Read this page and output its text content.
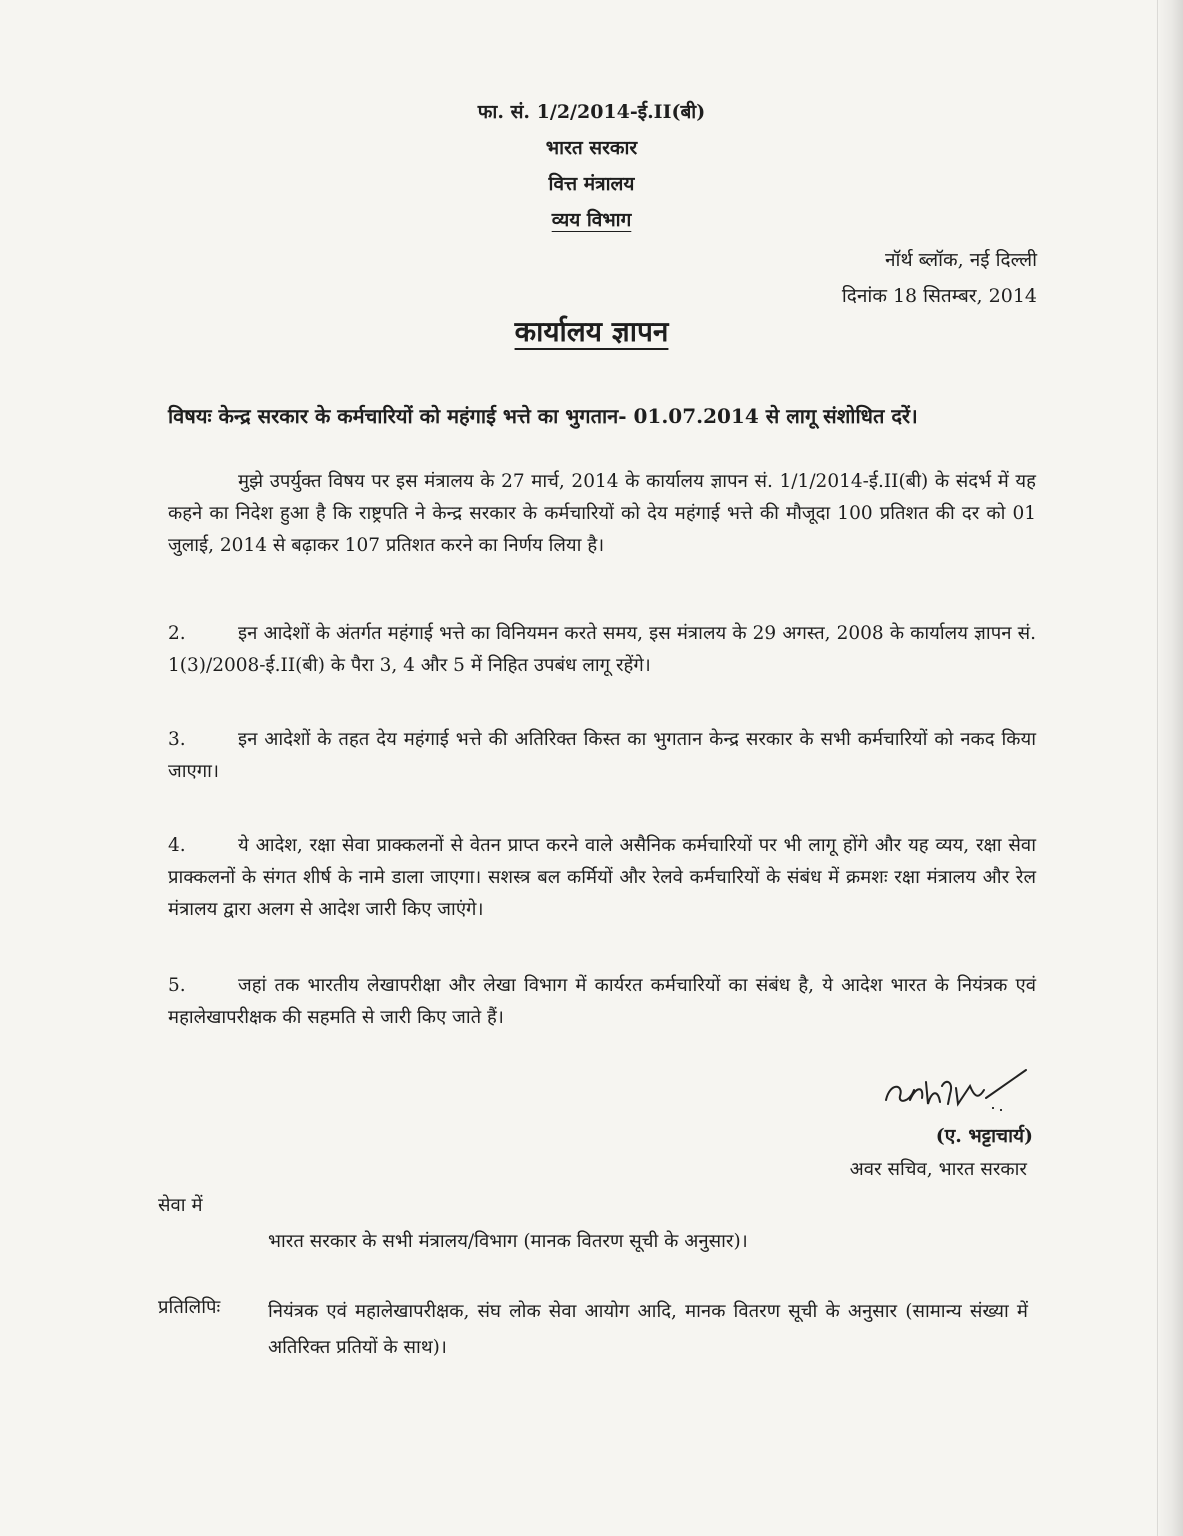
फा. सं. 1/2/2014-ई.II(बी)
भारत सरकार
वित्त मंत्रालय
व्यय विभाग
नॉर्थ ब्लॉक, नई दिल्ली
दिनांक 18 सितम्बर, 2014
कार्यालय ज्ञापन
विषयः केन्द्र सरकार के कर्मचारियों को महंगाई भत्ते का भुगतान- 01.07.2014 से लागू संशोधित दरें।
मुझे उपर्युक्त विषय पर इस मंत्रालय के 27 मार्च, 2014 के कार्यालय ज्ञापन सं. 1/1/2014-ई.II(बी) के संदर्भ में यह कहने का निदेश हुआ है कि राष्ट्रपति ने केन्द्र सरकार के कर्मचारियों को देय महंगाई भत्ते की मौजूदा 100 प्रतिशत की दर को 01 जुलाई, 2014 से बढ़ाकर 107 प्रतिशत करने का निर्णय लिया है।
2.	इन आदेशों के अंतर्गत महंगाई भत्ते का विनियमन करते समय, इस मंत्रालय के 29 अगस्त, 2008 के कार्यालय ज्ञापन सं. 1(3)/2008-ई.II(बी) के पैरा 3, 4 और 5 में निहित उपबंध लागू रहेंगे।
3.	इन आदेशों के तहत देय महंगाई भत्ते की अतिरिक्त किस्त का भुगतान केन्द्र सरकार के सभी कर्मचारियों को नकद किया जाएगा।
4.	ये आदेश, रक्षा सेवा प्राक्कलनों से वेतन प्राप्त करने वाले असैनिक कर्मचारियों पर भी लागू होंगे और यह व्यय, रक्षा सेवा प्राक्कलनों के संगत शीर्ष के नामे डाला जाएगा। सशस्त्र बल कर्मियों और रेलवे कर्मचारियों के संबंध में क्रमशः रक्षा मंत्रालय और रेल मंत्रालय द्वारा अलग से आदेश जारी किए जाएंगे।
5.	जहां तक भारतीय लेखापरीक्षा और लेखा विभाग में कार्यरत कर्मचारियों का संबंध है, ये आदेश भारत के नियंत्रक एवं महालेखापरीक्षक की सहमति से जारी किए जाते हैं।
(ए. भट्टाचार्य)
अवर सचिव, भारत सरकार
सेवा में
भारत सरकार के सभी मंत्रालय/विभाग (मानक वितरण सूची के अनुसार)।
प्रतिलिपिः	नियंत्रक एवं महालेखापरीक्षक, संघ लोक सेवा आयोग आदि, मानक वितरण सूची के अनुसार (सामान्य संख्या में अतिरिक्त प्रतियों के साथ)।
